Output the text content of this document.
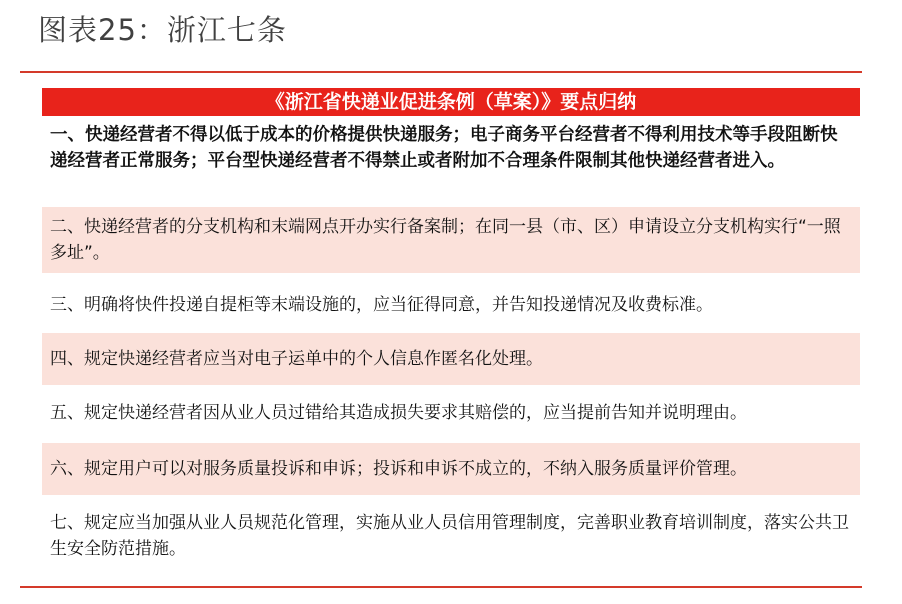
图表25：浙江七条
《浙江省快递业促进条例（草案）》要点归纳
一、快递经营者不得以低于成本的价格提供快递服务；电子商务平台经营者不得利用技术等手段阻断快递经营者正常服务；平台型快递经营者不得禁止或者附加不合理条件限制其他快递经营者进入。
二、快递经营者的分支机构和末端网点开办实行备案制；在同一县（市、区）申请设立分支机构实行“一照多址”。
三、明确将快件投递自提柜等末端设施的，应当征得同意，并告知投递情况及收费标准。
四、规定快递经营者应当对电子运单中的个人信息作匿名化处理。
五、规定快递经营者因从业人员过错给其造成损失要求其赔偿的，应当提前告知并说明理由。
六、规定用户可以对服务质量投诉和申诉；投诉和申诉不成立的，不纳入服务质量评价管理。
七、规定应当加强从业人员规范化管理，实施从业人员信用管理制度，完善职业教育培训制度，落实公共卫生安全防范措施。
